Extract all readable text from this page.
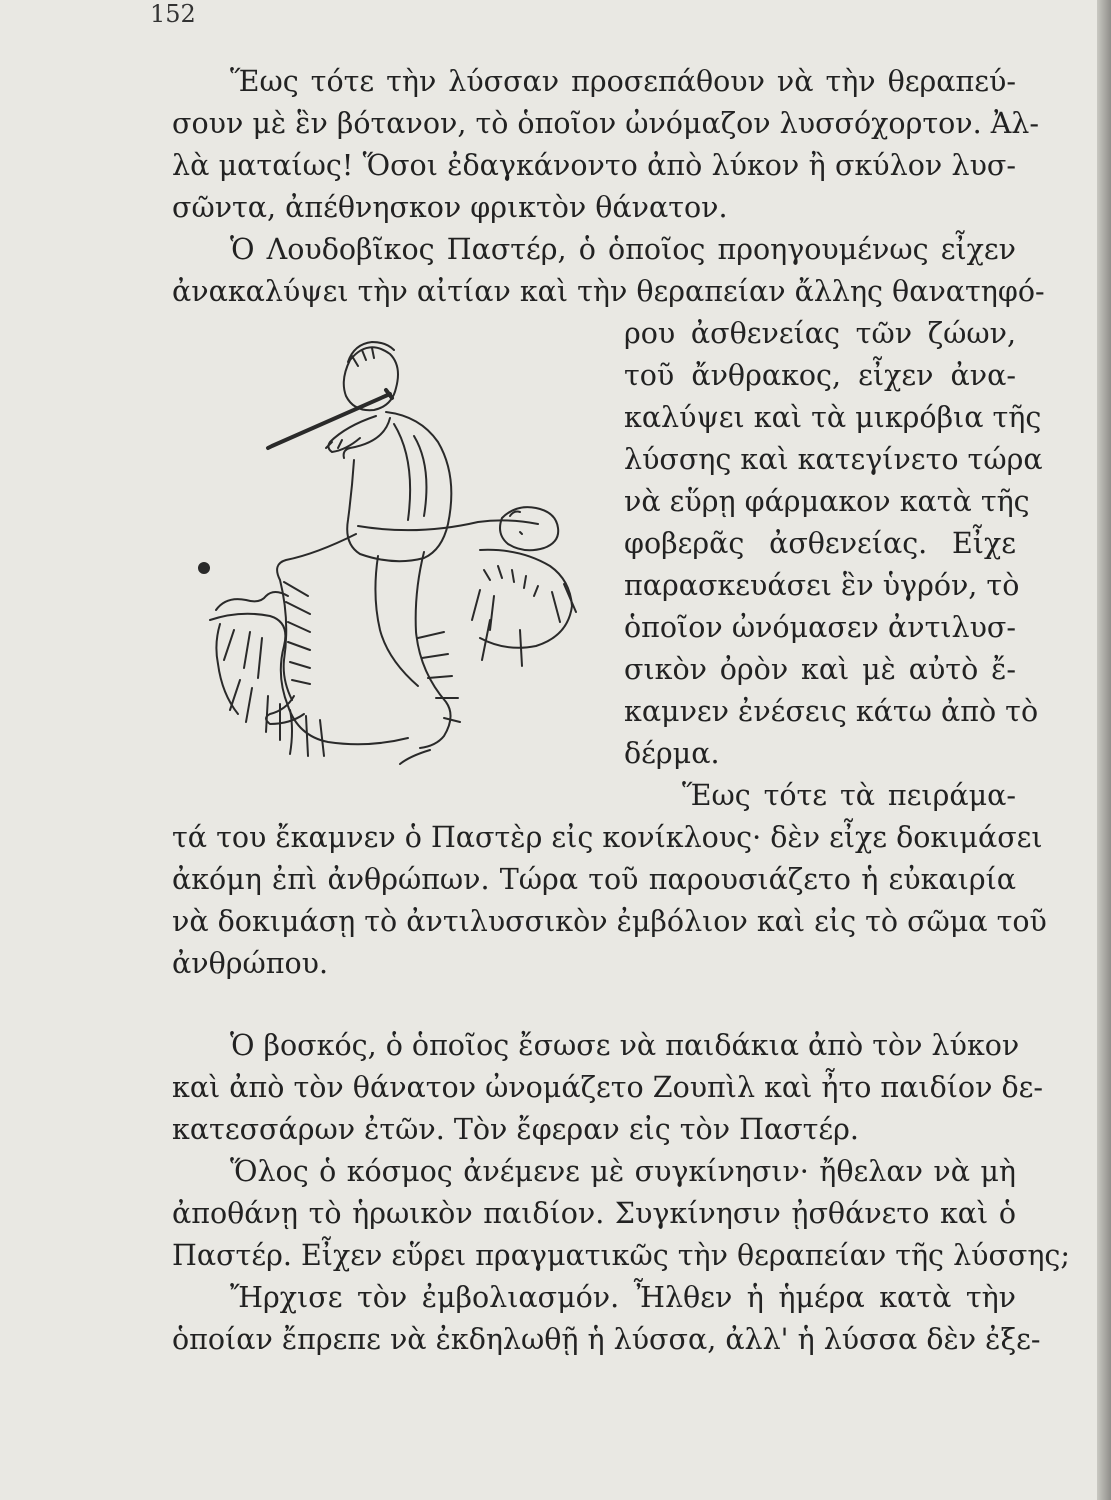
152
Ἕως τότε τὴν λύσσαν προσεπάθουν νὰ τὴν θεραπεύ-
σουν μὲ ἓν βότανον, τὸ ὁποῖον ὠνόμαζον λυσσόχορτον. Ἀλ-
λὰ ματαίως! Ὅσοι ἐδαγκάνοντο ἀπὸ λύκον ἢ σκύλον λυσ-
σῶντα, ἀπέθνησκον φρικτὸν θάνατον.
Ὁ Λουδοβῖκος Παστέρ, ὁ ὁποῖος προηγουμένως εἶχεν
ἀνακαλύψει τὴν αἰτίαν καὶ τὴν θεραπείαν ἄλλης θανατηφό-
ρου ἀσθενείας τῶν ζώων,
τοῦ ἄνθρακος, εἶχεν ἀνα-
καλύψει καὶ τὰ μικρόβια τῆς
λύσσης καὶ κατεγίνετο τώρα
νὰ εὕρῃ φάρμακον κατὰ τῆς
φοβερᾶς ἀσθενείας. Εἶχε
παρασκευάσει ἓν ὑγρόν, τὸ
ὁποῖον ὠνόμασεν ἀντιλυσ-
σικὸν ὀρὸν καὶ μὲ αὐτὸ ἔ-
καμνεν ἐνέσεις κάτω ἀπὸ τὸ
δέρμα.
Ἕως τότε τὰ πειράμα-
τά του ἔκαμνεν ὁ Παστὲρ εἰς κονίκλους· δὲν εἶχε δοκιμάσει
ἀκόμη ἐπὶ ἀνθρώπων. Τώρα τοῦ παρουσιάζετο ἡ εὐκαιρία
νὰ δοκιμάσῃ τὸ ἀντιλυσσικὸν ἐμβόλιον καὶ εἰς τὸ σῶμα τοῦ
ἀνθρώπου.
Ὁ βοσκός, ὁ ὁποῖος ἔσωσε νὰ παιδάκια ἀπὸ τὸν λύκον
καὶ ἀπὸ τὸν θάνατον ὠνομάζετο Ζουπὶλ καὶ ἦτο παιδίον δε-
κατεσσάρων ἐτῶν. Τὸν ἔφεραν εἰς τὸν Παστέρ.
Ὅλος ὁ κόσμος ἀνέμενε μὲ συγκίνησιν· ἤθελαν νὰ μὴ
ἀποθάνῃ τὸ ἡρωικὸν παιδίον. Συγκίνησιν ᾐσθάνετο καὶ ὁ
Παστέρ. Εἶχεν εὕρει πραγματικῶς τὴν θεραπείαν τῆς λύσσης;
Ἤρχισε τὸν ἐμβολιασμόν. Ἦλθεν ἡ ἡμέρα κατὰ τὴν
ὁποίαν ἔπρεπε νὰ ἐκδηλωθῇ ἡ λύσσα, ἀλλ' ἡ λύσσα δὲν ἐξε-
